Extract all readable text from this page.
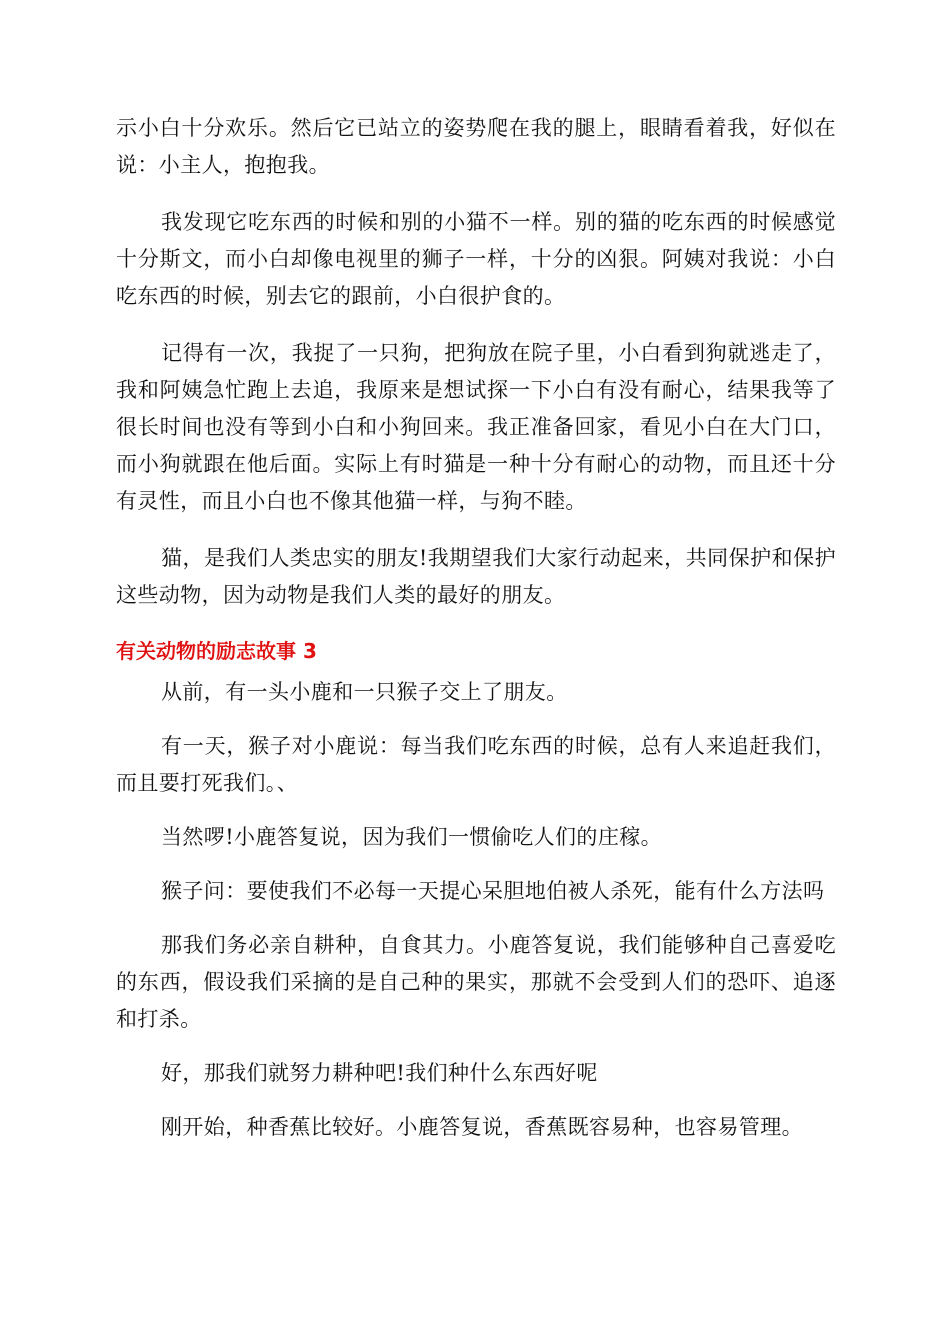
示小白十分欢乐。然后它已站立的姿势爬在我的腿上，眼睛看着我，好似在说：小主人，抱抱我。

我发现它吃东西的时候和别的小猫不一样。别的猫的吃东西的时候感觉十分斯文，而小白却像电视里的狮子一样，十分的凶狠。阿姨对我说：小白吃东西的时候，别去它的跟前，小白很护食的。

记得有一次，我捉了一只狗，把狗放在院子里，小白看到狗就逃走了，我和阿姨急忙跑上去追，我原来是想试探一下小白有没有耐心，结果我等了很长时间也没有等到小白和小狗回来。我正准备回家，看见小白在大门口，而小狗就跟在他后面。实际上有时猫是一种十分有耐心的动物，而且还十分有灵性，而且小白也不像其他猫一样，与狗不睦。

猫，是我们人类忠实的朋友!我期望我们大家行动起来，共同保护和保护这些动物，因为动物是我们人类的最好的朋友。

有关动物的励志故事 3

从前，有一头小鹿和一只猴子交上了朋友。

有一天，猴子对小鹿说：每当我们吃东西的时候，总有人来追赶我们，而且要打死我们。、

当然啰!小鹿答复说，因为我们一惯偷吃人们的庄稼。

猴子问：要使我们不必每一天提心呆胆地伯被人杀死，能有什么方法吗

那我们务必亲自耕种，自食其力。小鹿答复说，我们能够种自己喜爱吃的东西，假设我们采摘的是自己种的果实，那就不会受到人们的恐吓、追逐和打杀。

好，那我们就努力耕种吧!我们种什么东西好呢

刚开始，种香蕉比较好。小鹿答复说，香蕉既容易种，也容易管理。
